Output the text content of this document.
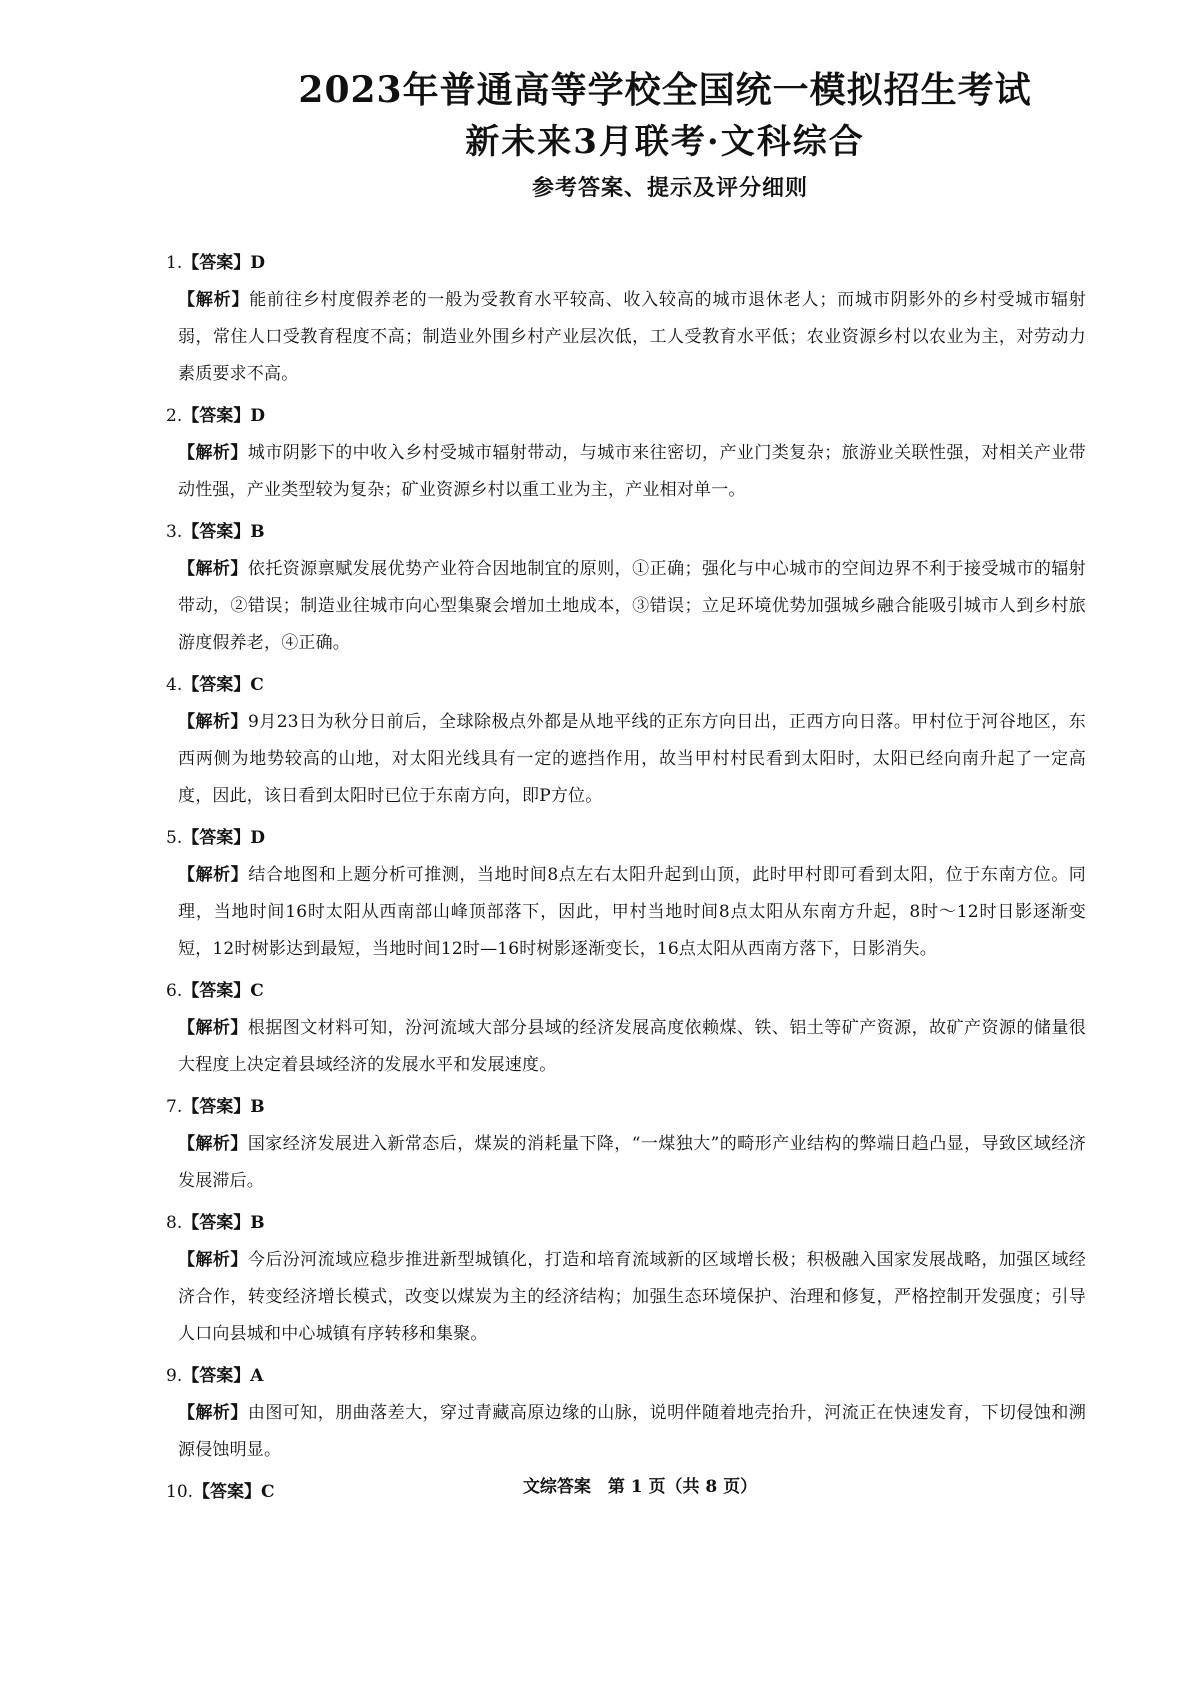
2023年普通高等学校全国统一模拟招生考试
新未来3月联考·文科综合
参考答案、提示及评分细则
1.【答案】D
【解析】能前往乡村度假养老的一般为受教育水平较高、收入较高的城市退休老人；而城市阴影外的乡村受城市辐射弱，常住人口受教育程度不高；制造业外围乡村产业层次低，工人受教育水平低；农业资源乡村以农业为主，对劳动力素质要求不高。
2.【答案】D
【解析】城市阴影下的中收入乡村受城市辐射带动，与城市来往密切，产业门类复杂；旅游业关联性强，对相关产业带动性强，产业类型较为复杂；矿业资源乡村以重工业为主，产业相对单一。
3.【答案】B
【解析】依托资源禀赋发展优势产业符合因地制宜的原则，①正确；强化与中心城市的空间边界不利于接受城市的辐射带动，②错误；制造业往城市向心型集聚会增加土地成本，③错误；立足环境优势加强城乡融合能吸引城市人到乡村旅游度假养老，④正确。
4.【答案】C
【解析】9月23日为秋分日前后，全球除极点外都是从地平线的正东方向日出，正西方向日落。甲村位于河谷地区，东西两侧为地势较高的山地，对太阳光线具有一定的遮挡作用，故当甲村村民看到太阳时，太阳已经向南升起了一定高度，因此，该日看到太阳时已位于东南方向，即P方位。
5.【答案】D
【解析】结合地图和上题分析可推测，当地时间8点左右太阳升起到山顶，此时甲村即可看到太阳，位于东南方位。同理，当地时间16时太阳从西南部山峰顶部落下，因此，甲村当地时间8点太阳从东南方升起，8时～12时日影逐渐变短，12时树影达到最短，当地时间12时—16时树影逐渐变长，16点太阳从西南方落下，日影消失。
6.【答案】C
【解析】根据图文材料可知，汾河流域大部分县域的经济发展高度依赖煤、铁、铝土等矿产资源，故矿产资源的储量很大程度上决定着县域经济的发展水平和发展速度。
7.【答案】B
【解析】国家经济发展进入新常态后，煤炭的消耗量下降，“一煤独大”的畸形产业结构的弊端日趋凸显，导致区域经济发展滞后。
8.【答案】B
【解析】今后汾河流域应稳步推进新型城镇化，打造和培育流域新的区域增长极；积极融入国家发展战略，加强区域经济合作，转变经济增长模式，改变以煤炭为主的经济结构；加强生态环境保护、治理和修复，严格控制开发强度；引导人口向县城和中心城镇有序转移和集聚。
9.【答案】A
【解析】由图可知，朋曲落差大，穿过青藏高原边缘的山脉，说明伴随着地壳抬升，河流正在快速发育，下切侵蚀和溯源侵蚀明显。
10.【答案】C	文综答案　第 1 页（共 8 页）
